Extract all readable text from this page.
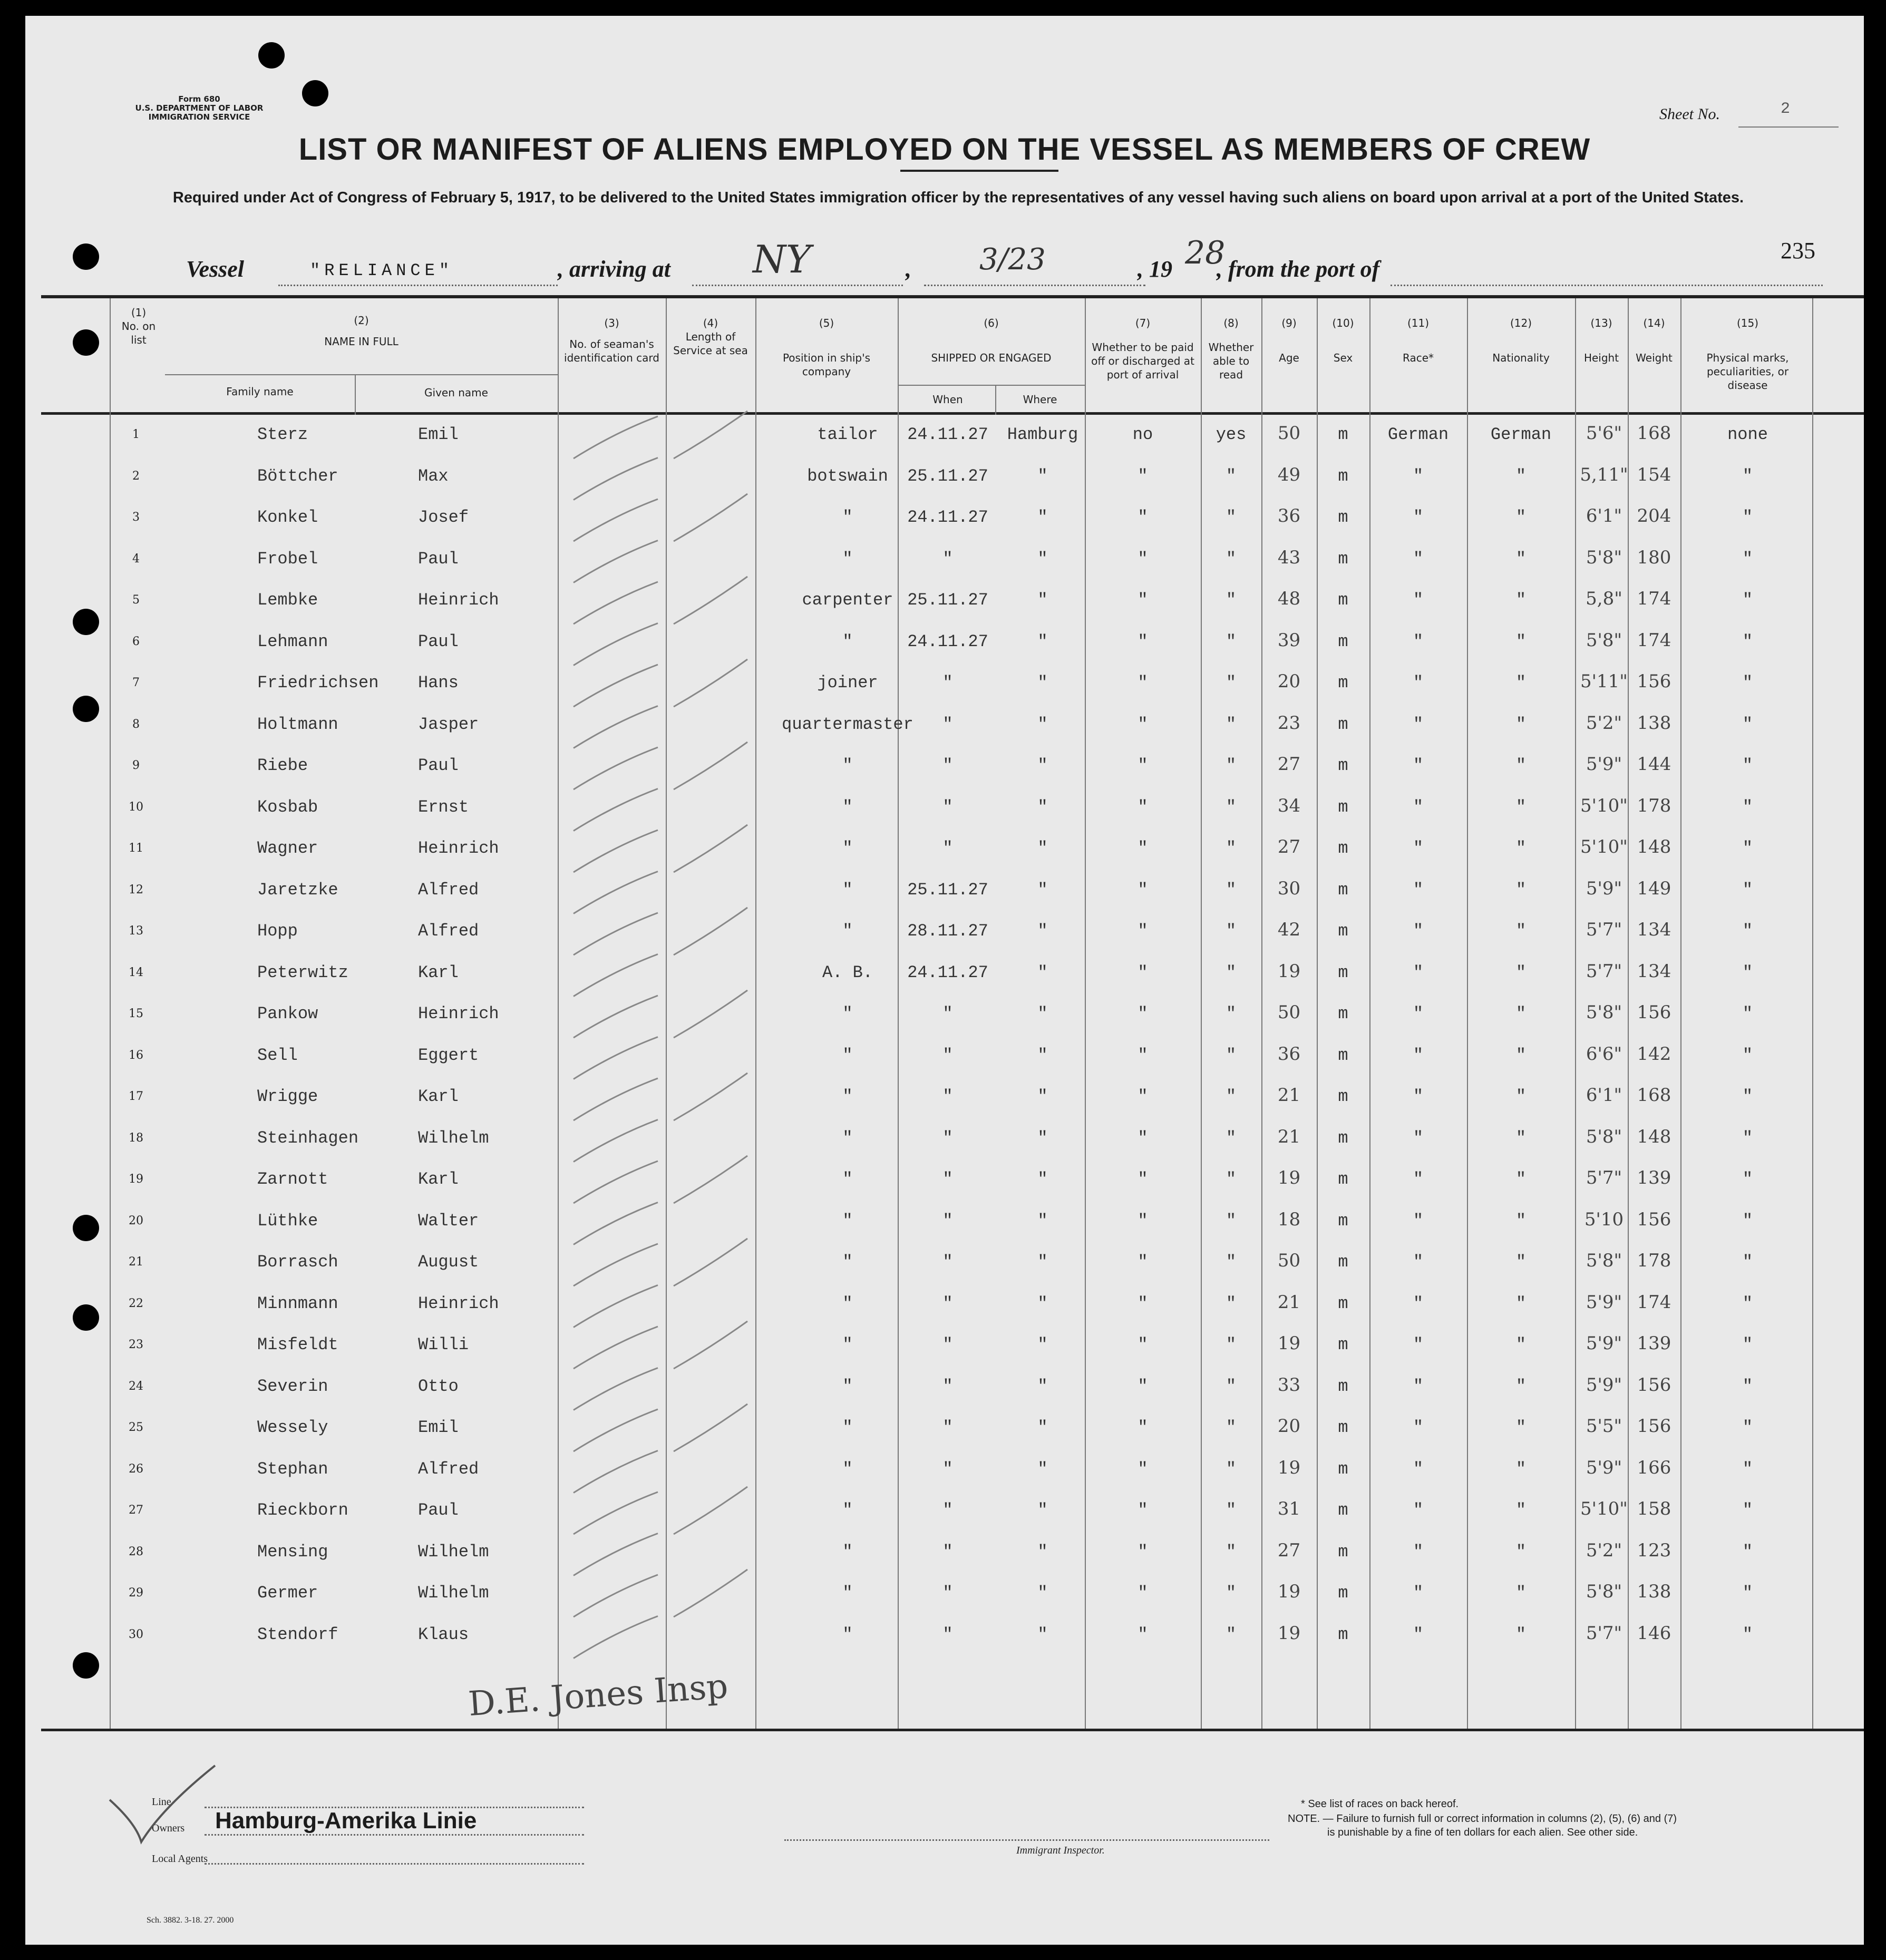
Form 680
U.S. DEPARTMENT OF LABOR
IMMIGRATION SERVICE	Sheet No.	2
LIST OR MANIFEST OF ALIENS EMPLOYED ON THE VESSEL AS MEMBERS OF CREW
Required under Act of Congress of February 5, 1917, to be delivered to the United States immigration officer by the representatives of any vessel having such aliens on board upon arrival at a port of the United States.
235
Vessel	"RELIANCE"	, arriving at NY	, 3/23	, 19 28
, from the port of
(1)
No. on list
(2)
NAME IN FULL
Family name	Given name
(3)
No. of seaman's identification card
(4)
Length of Service at sea
(5)
Position in ship's company
(6)
SHIPPED OR ENGAGED
When	Where
(7)
Whether to be paid off or discharged at port of arrival
(8)
Whether able to read
(9)
Age
(10)
Sex
(11)
Race*
(12)
Nationality
(13)
Height
(14)
Weight
(15)
Physical marks, peculiarities, or disease
1	Sterz	Emil	tailor	24.11.27	Hamburg	no	yes	50	m	German	German	5'6" 168	none
2	Böttcher	Max	botswain	25.11.27	"	"	"	49	m	"	"	5,11" 154	"
3	Konkel	Josef	"	24.11.27	"	"	"	36	m	"	"	6'1" 204	"
4	Frobel	Paul	"	"	"	"	"	43	m	"	"	5'8" 180	"
5	Lembke	Heinrich	carpenter 25.11.27	"	"	"	48	m	"	"	5,8" 174	"
6	Lehmann	Paul	"	24.11.27	"	"	"	39	m	"	"	5'8" 174	"
7	Friedrichsen Hans	joiner	"	"	"	"	20	m	"	"	5'11" 156	"
8	Holtmann	Jasper	quartermaster	"	"	"	"	23	m	"	"	5'2" 138	"
9	Riebe	Paul	"	"	"	"	"	27	m	"	"	5'9" 144	"
10	Kosbab	Ernst	"	"	"	"	"	34	m	"	"	5'10" 178	"
11	Wagner	Heinrich	"	"	"	"	"	27	m	"	"	5'10" 148	"
12	Jaretzke	Alfred	"	25.11.27	"	"	"	30	m	"	"	5'9" 149	"
13	Hopp	Alfred	"	28.11.27	"	"	"	42	m	"	"	5'7" 134	"
14	Peterwitz	Karl	A. B.	24.11.27	"	"	"	19	m	"	"	5'7" 134	"
15	Pankow	Heinrich	"	"	"	"	"	50	m	"	"	5'8" 156	"
16	Sell	Eggert	"	"	"	"	"	36	m	"	"	6'6" 142	"
17	Wrigge	Karl	"	"	"	"	"	21	m	"	"	6'1" 168	"
18	Steinhagen	Wilhelm	"	"	"	"	"	21	m	"	"	5'8" 148	"
19	Zarnott	Karl	"	"	"	"	"	19	m	"	"	5'7" 139	"
20	Lüthke	Walter	"	"	"	"	"	18	m	"	"	5'10 156	"
21	Borrasch	August	"	"	"	"	"	50	m	"	"	5'8" 178	"
22	Minnmann	Heinrich	"	"	"	"	"	21	m	"	"	5'9" 174	"
23	Misfeldt	Willi	"	"	"	"	"	19	m	"	"	5'9" 139	"
24	Severin	Otto	"	"	"	"	"	33	m	"	"	5'9" 156	"
25	Wessely	Emil	"	"	"	"	"	20	m	"	"	5'5" 156	"
26	Stephan	Alfred	"	"	"	"	"	19	m	"	"	5'9" 166	"
27	Rieckborn	Paul	"	"	"	"	"	31	m	"	"	5'10" 158	"
28	Mensing	Wilhelm	"	"	"	"	"	27	m	"	"	5'2" 123	"
29	Germer	Wilhelm	"	"	"	"	"	19	m	"	"	5'8" 138	"
30	Stendorf	Klaus	"	"	"	"	"	19	m	"	"	5'7" 146	"
D.E. Jones Insp
Line
Owners
Local Agents
Hamburg-Amerika Linie
Immigrant Inspector.
* See list of races on back hereof.
NOTE. — Failure to furnish full or correct information in columns (2), (5), (6) and (7)
is punishable by a fine of ten dollars for each alien. See other side.
Sch. 3882. 3-18. 27. 2000
